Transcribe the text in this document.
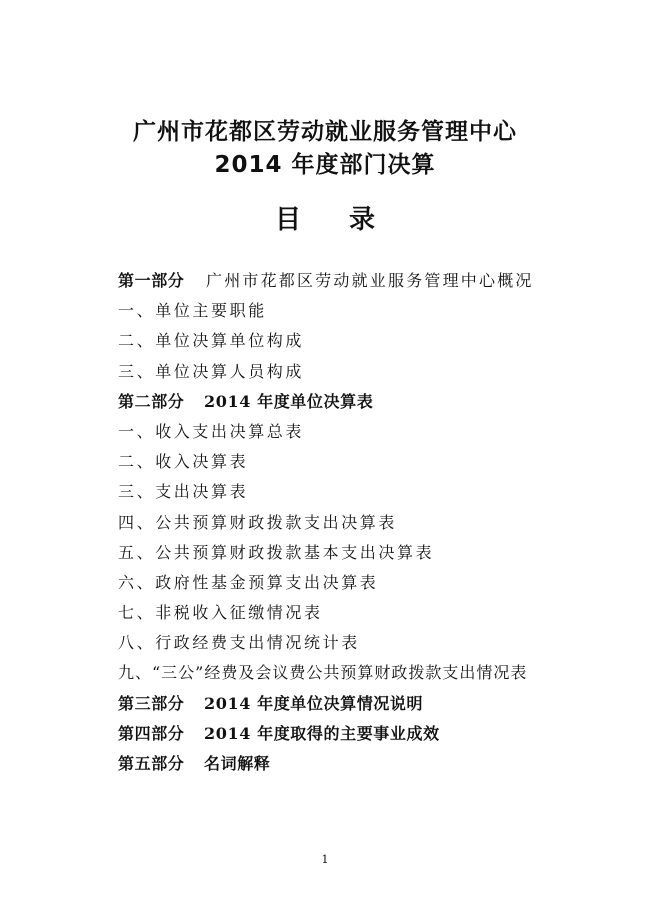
广州市花都区劳动就业服务管理中心
2014 年度部门决算
目录
第一部分 广州市花都区劳动就业服务管理中心概况
一、单位主要职能
二、单位决算单位构成
三、单位决算人员构成
第二部分 2014 年度单位决算表
一、收入支出决算总表
二、收入决算表
三、支出决算表
四、公共预算财政拨款支出决算表
五、公共预算财政拨款基本支出决算表
六、政府性基金预算支出决算表
七、非税收入征缴情况表
八、行政经费支出情况统计表
九、“三公”经费及会议费公共预算财政拨款支出情况表
第三部分 2014 年度单位决算情况说明
第四部分 2014 年度取得的主要事业成效
第五部分 名词解释
1
